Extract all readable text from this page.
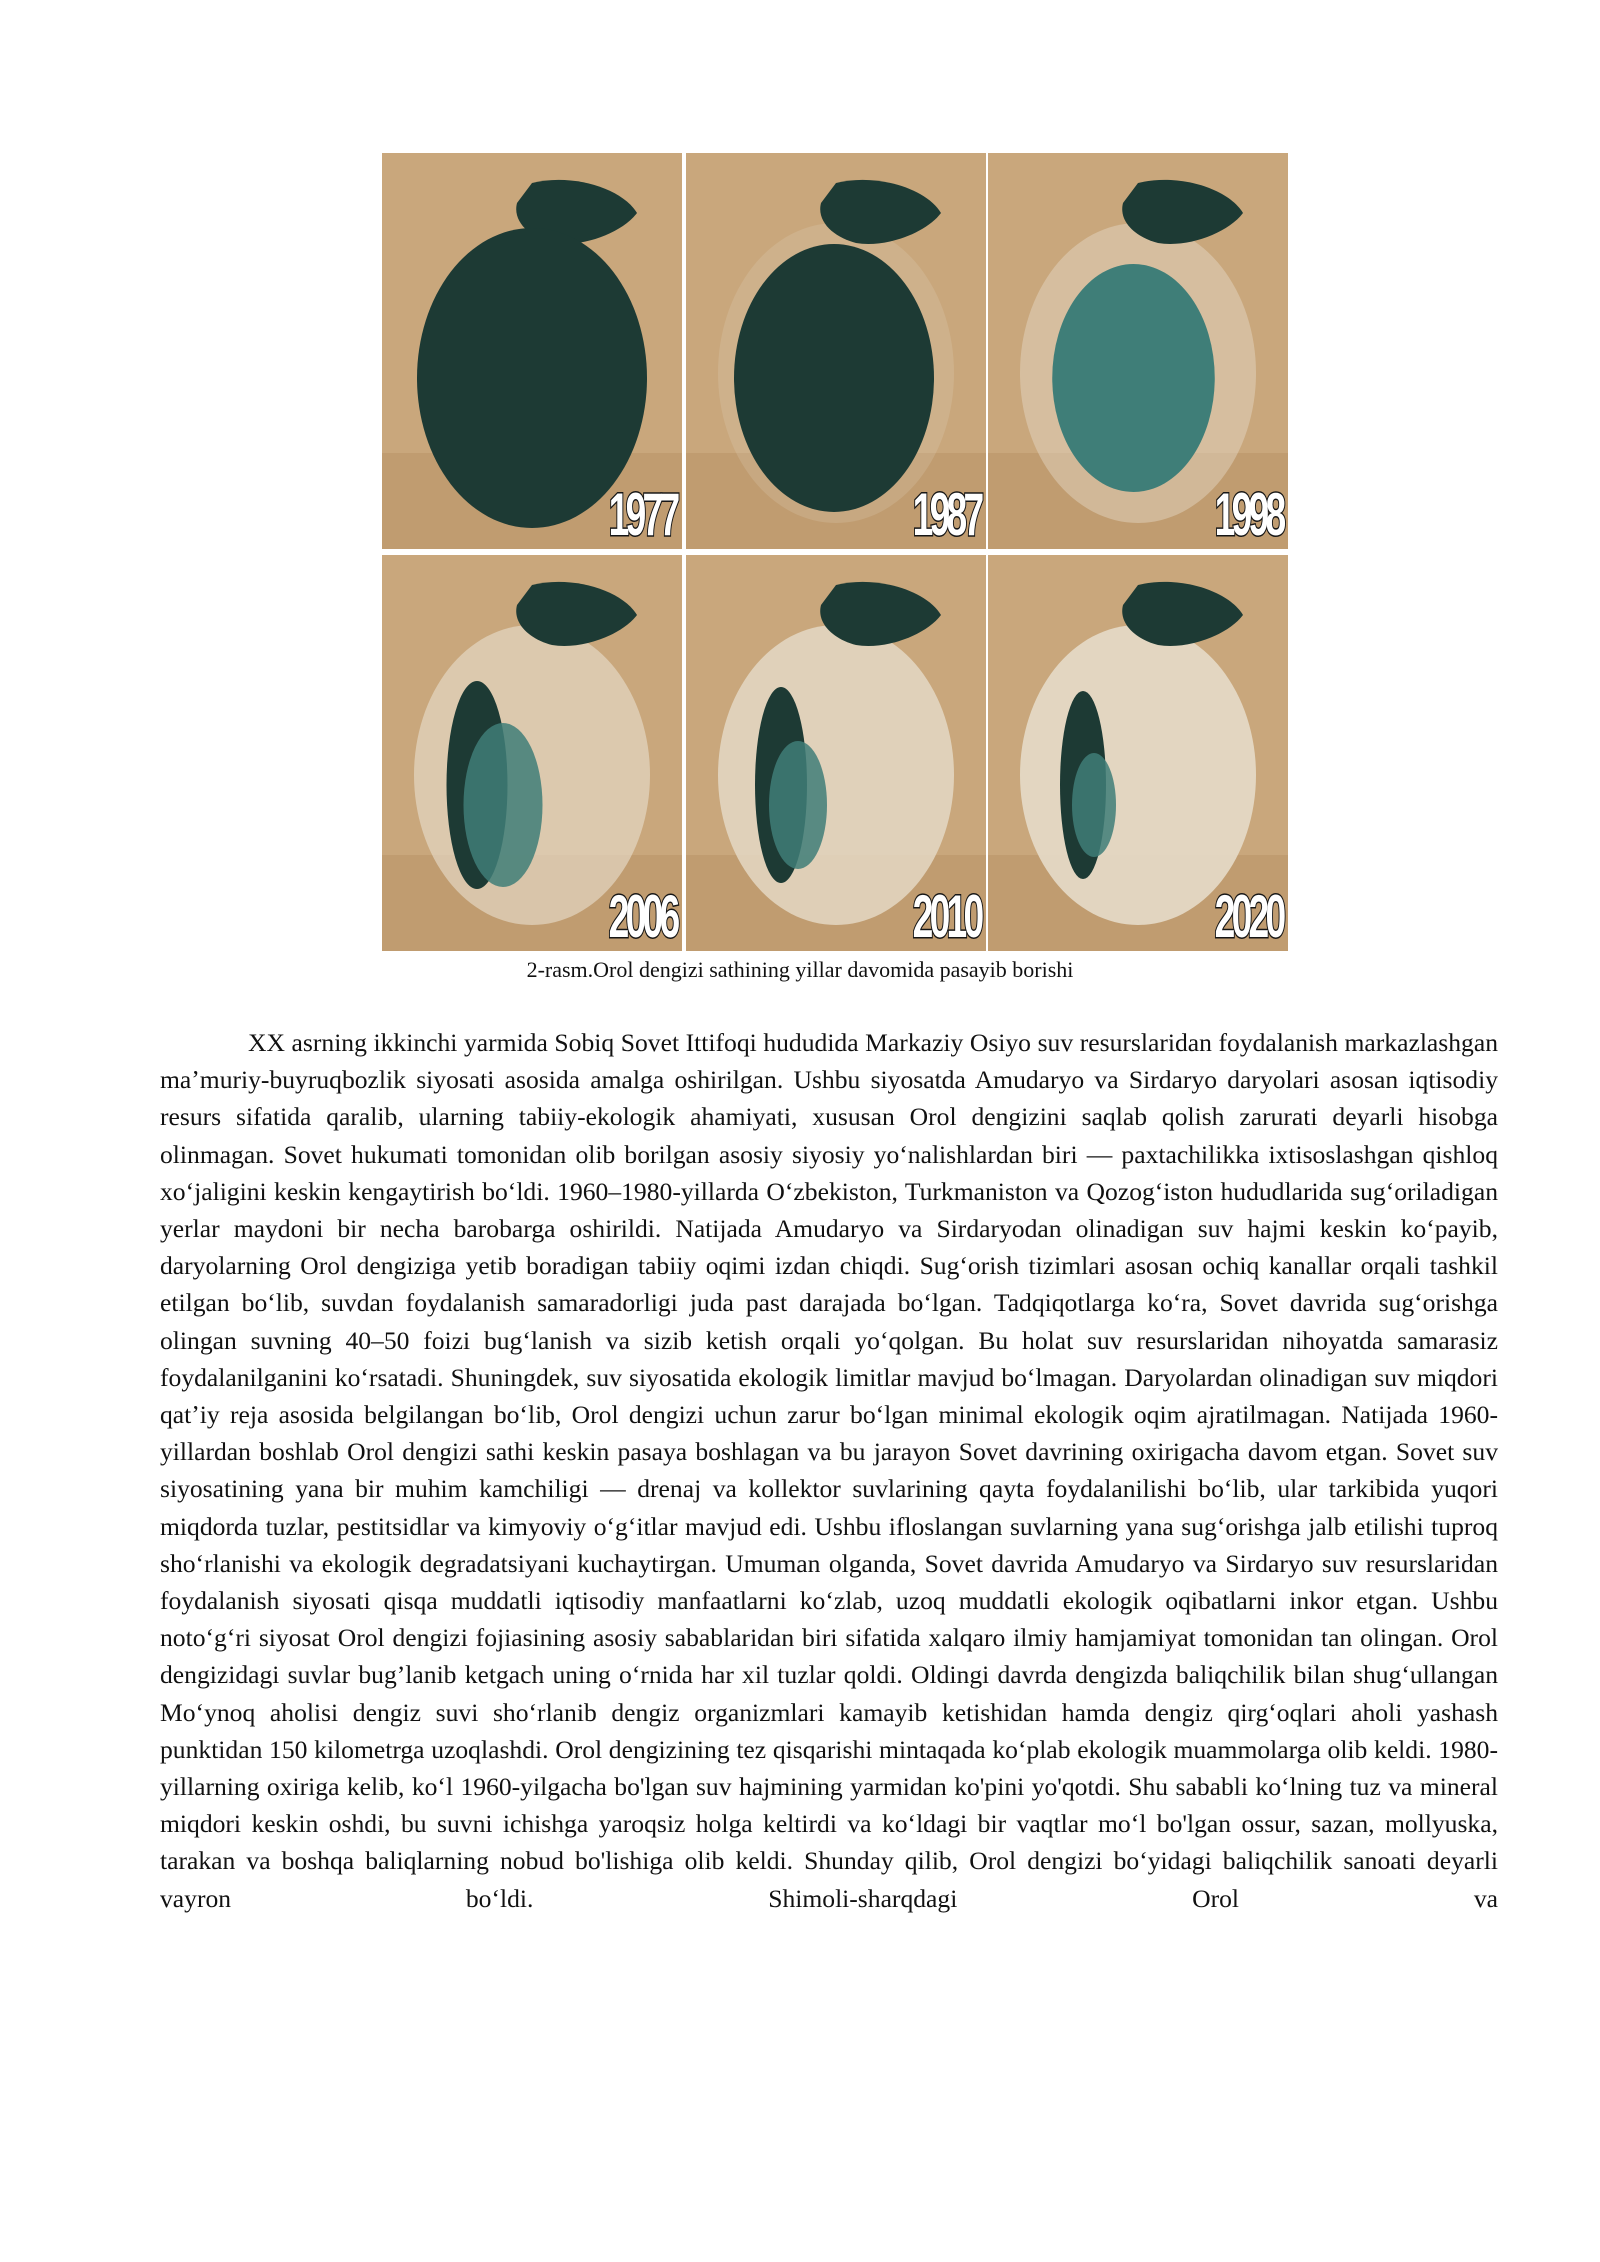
1977	1987	1998
2006	2010	2020
2-rasm.Orol dengizi sathining yillar davomida pasayib borishi

XX asrning ikkinchi yarmida Sobiq Sovet Ittifoqi hududida Markaziy Osiyo suv resurslaridan foydalanish markazlashgan maʼmuriy-buyruqbozlik siyosati asosida amalga oshirilgan. Ushbu siyosatda Amudaryo va Sirdaryo daryolari asosan iqtisodiy resurs sifatida qaralib, ularning tabiiy-ekologik ahamiyati, xususan Orol dengizini saqlab qolish zarurati deyarli hisobga olinmagan. Sovet hukumati tomonidan olib borilgan asosiy siyosiy yoʻnalishlardan biri — paxtachilikka ixtisoslashgan qishloq xoʻjaligini keskin kengaytirish boʻldi. 1960–1980-yillarda Oʻzbekiston, Turkmaniston va Qozogʻiston hududlarida sugʻoriladigan yerlar maydoni bir necha barobarga oshirildi. Natijada Amudaryo va Sirdaryodan olinadigan suv hajmi keskin koʻpayib, daryolarning Orol dengiziga yetib boradigan tabiiy oqimi izdan chiqdi. Sugʻorish tizimlari asosan ochiq kanallar orqali tashkil etilgan boʻlib, suvdan foydalanish samaradorligi juda past darajada boʻlgan. Tadqiqotlarga koʻra, Sovet davrida sugʻorishga olingan suvning 40–50 foizi bugʻlanish va sizib ketish orqali yoʻqolgan. Bu holat suv resurslaridan nihoyatda samarasiz foydalanilganini koʻrsatadi. Shuningdek, suv siyosatida ekologik limitlar mavjud boʻlmagan. Daryolardan olinadigan suv miqdori qatʼiy reja asosida belgilangan boʻlib, Orol dengizi uchun zarur boʻlgan minimal ekologik oqim ajratilmagan. Natijada 1960-yillardan boshlab Orol dengizi sathi keskin pasaya boshlagan va bu jarayon Sovet davrining oxirigacha davom etgan. Sovet suv siyosatining yana bir muhim kamchiligi — drenaj va kollektor suvlarining qayta foydalanilishi boʻlib, ular tarkibida yuqori miqdorda tuzlar, pestitsidlar va kimyoviy oʻgʻitlar mavjud edi. Ushbu ifloslangan suvlarning yana sugʻorishga jalb etilishi tuproq shoʻrlanishi va ekologik degradatsiyani kuchaytirgan. Umuman olganda, Sovet davrida Amudaryo va Sirdaryo suv resurslaridan foydalanish siyosati qisqa muddatli iqtisodiy manfaatlarni koʻzlab, uzoq muddatli ekologik oqibatlarni inkor etgan. Ushbu notoʻgʻri siyosat Orol dengizi fojiasining asosiy sabablaridan biri sifatida xalqaro ilmiy hamjamiyat tomonidan tan olingan. Orol dengizidagi suvlar bug’lanib ketgach uning oʻrnida har xil tuzlar qoldi. Oldingi davrda dengizda baliqchilik bilan shugʻullangan Moʻynoq aholisi dengiz suvi shoʻrlanib dengiz organizmlari kamayib ketishidan hamda dengiz qirgʻoqlari aholi yashash punktidan 150 kilometrga uzoqlashdi. Orol dengizining tez qisqarishi mintaqada koʻplab ekologik muammolarga olib keldi. 1980-yillarning oxiriga kelib, koʻl 1960-yilgacha bo'lgan suv hajmining yarmidan ko'pini yo'qotdi. Shu sababli koʻlning tuz va mineral miqdori keskin oshdi, bu suvni ichishga yaroqsiz holga keltirdi va koʻldagi bir vaqtlar moʻl bo'lgan ossur, sazan, mollyuska, tarakan va boshqa baliqlarning nobud bo'lishiga olib keldi. Shunday qilib, Orol dengizi boʻyidagi baliqchilik sanoati deyarli vayron boʻldi. Shimoli-sharqdagi Orol va
